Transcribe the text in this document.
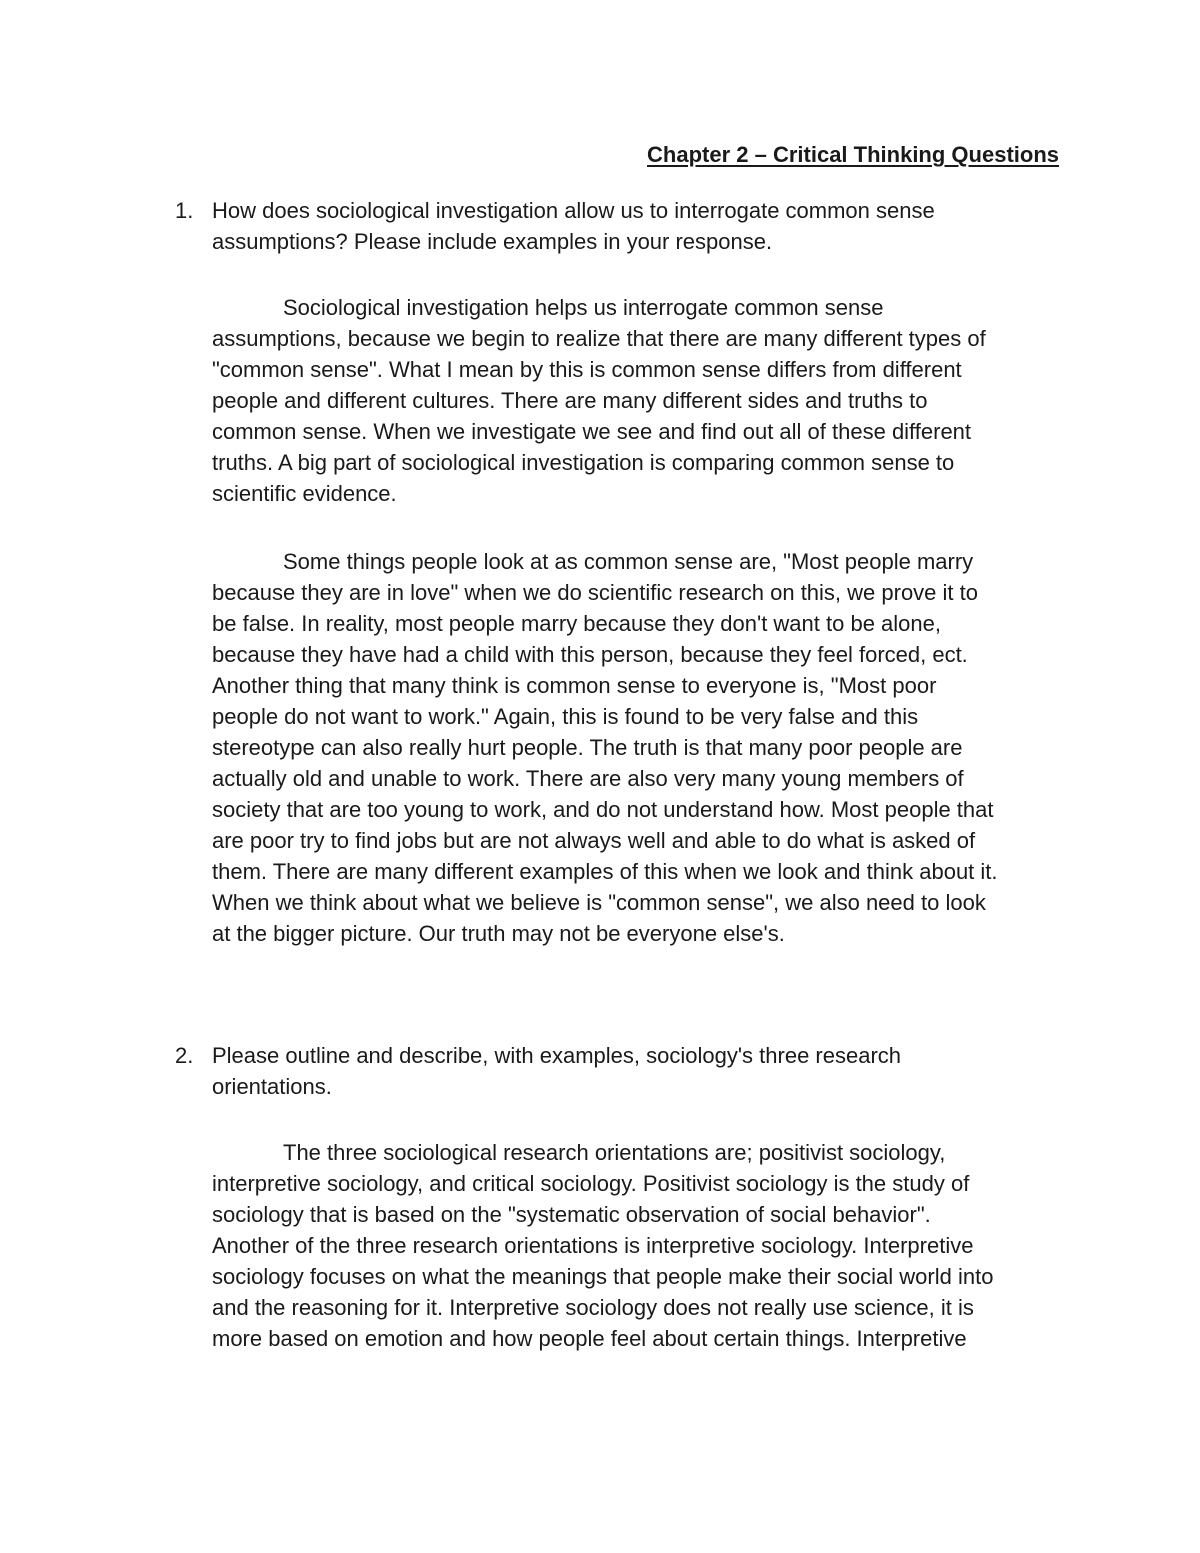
Chapter 2 – Critical Thinking Questions
1. How does sociological investigation allow us to interrogate common sense
assumptions? Please include examples in your response.
Sociological investigation helps us interrogate common sense
assumptions, because we begin to realize that there are many different types of
"common sense". What I mean by this is common sense differs from different
people and different cultures. There are many different sides and truths to
common sense. When we investigate we see and find out all of these different
truths. A big part of sociological investigation is comparing common sense to
scientific evidence.
Some things people look at as common sense are, "Most people marry
because they are in love" when we do scientific research on this, we prove it to
be false. In reality, most people marry because they don't want to be alone,
because they have had a child with this person, because they feel forced, ect.
Another thing that many think is common sense to everyone is, "Most poor
people do not want to work." Again, this is found to be very false and this
stereotype can also really hurt people. The truth is that many poor people are
actually old and unable to work. There are also very many young members of
society that are too young to work, and do not understand how. Most people that
are poor try to find jobs but are not always well and able to do what is asked of
them. There are many different examples of this when we look and think about it.
When we think about what we believe is "common sense", we also need to look
at the bigger picture. Our truth may not be everyone else's.
2. Please outline and describe, with examples, sociology's three research
orientations.
The three sociological research orientations are; positivist sociology,
interpretive sociology, and critical sociology. Positivist sociology is the study of
sociology that is based on the "systematic observation of social behavior".
Another of the three research orientations is interpretive sociology. Interpretive
sociology focuses on what the meanings that people make their social world into
and the reasoning for it. Interpretive sociology does not really use science, it is
more based on emotion and how people feel about certain things. Interpretive
